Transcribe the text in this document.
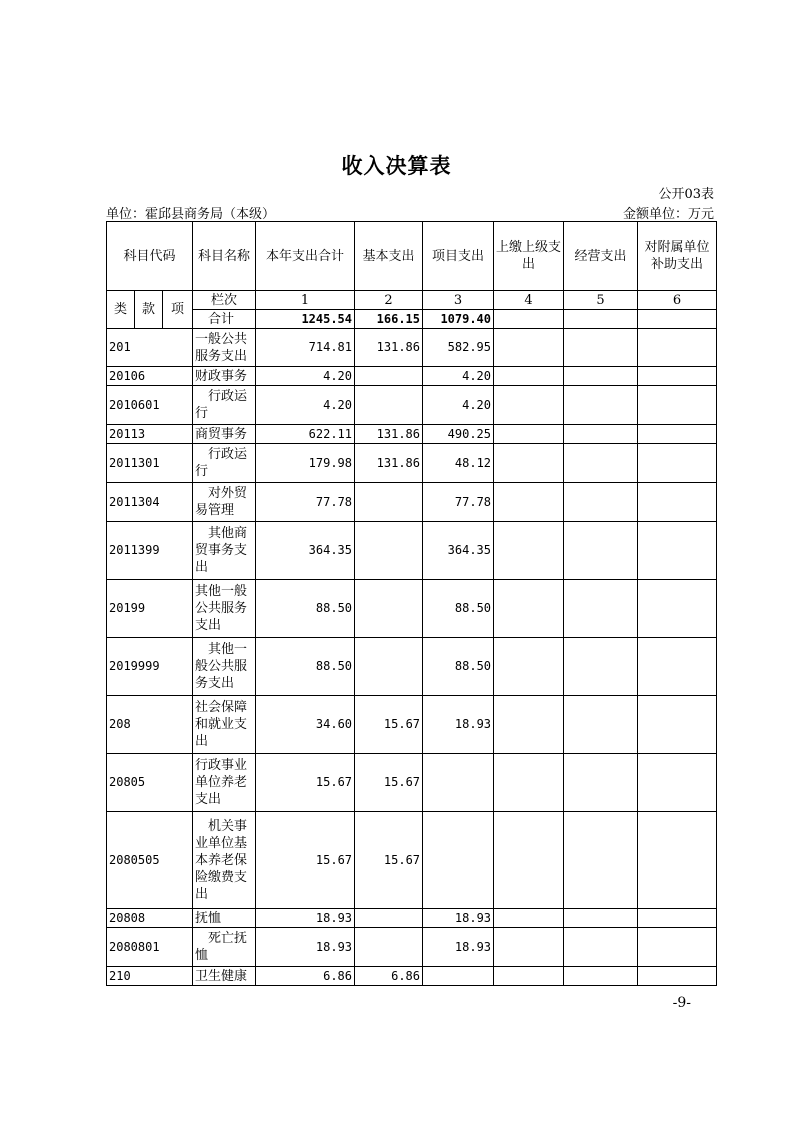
收入决算表
公开03表
单位：霍邱县商务局（本级）	金额单位：万元
科目代码			科目名称	本年支出合计	基本支出	项目支出	上缴上级支出	经营支出	对附属单位补助支出
类	款	项	栏次	1	2	3	4	5	6
			合计	1245.54	166.15	1079.40			
201			一般公共服务支出	714.81	131.86	582.95			
20106			财政事务	4.20		4.20			
2010601			行政运行	4.20		4.20			
20113			商贸事务	622.11	131.86	490.25			
2011301			行政运行	179.98	131.86	48.12			
2011304			对外贸易管理	77.78		77.78			
2011399			其他商贸事务支出	364.35		364.35			
20199			其他一般公共服务支出	88.50		88.50			
2019999			其他一般公共服务支出	88.50		88.50			
208			社会保障和就业支出	34.60	15.67	18.93			
20805			行政事业单位养老支出	15.67	15.67				
2080505			机关事业单位基本养老保险缴费支出	15.67	15.67				
20808			抚恤	18.93		18.93			
2080801			死亡抚恤	18.93		18.93			
210			卫生健康	6.86	6.86				
-9-
